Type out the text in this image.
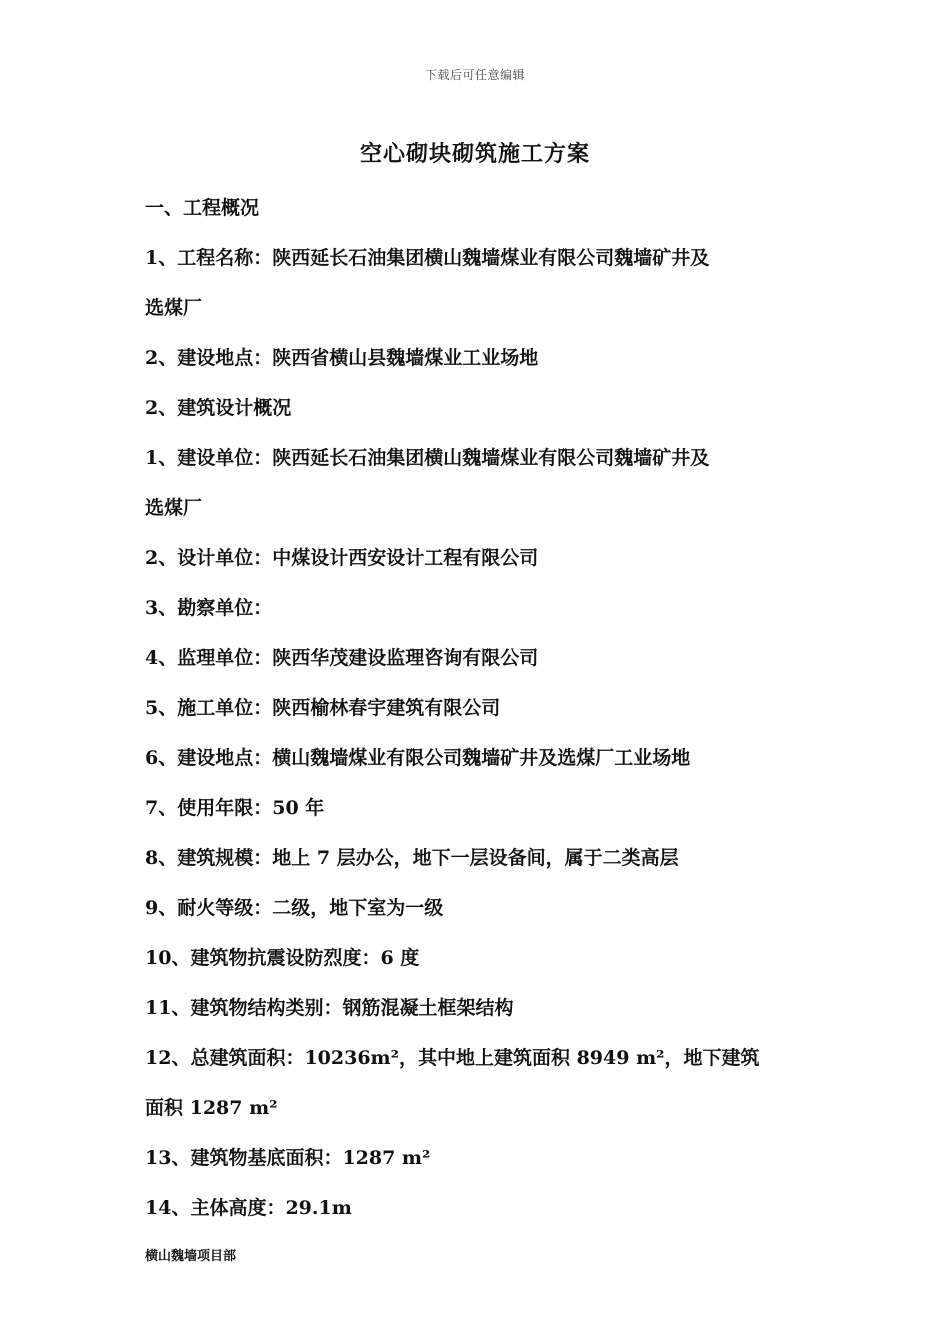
下载后可任意编辑
空心砌块砌筑施工方案
一、工程概况
1、工程名称：陕西延长石油集团横山魏墙煤业有限公司魏墙矿井及
选煤厂
2、建设地点：陕西省横山县魏墙煤业工业场地
2、建筑设计概况
1、建设单位：陕西延长石油集团横山魏墙煤业有限公司魏墙矿井及
选煤厂
2、设计单位：中煤设计西安设计工程有限公司
3、勘察单位：
4、监理单位：陕西华茂建设监理咨询有限公司
5、施工单位：陕西榆林春宇建筑有限公司
6、建设地点：横山魏墙煤业有限公司魏墙矿井及选煤厂工业场地
7、使用年限：50 年
8、建筑规模：地上 7 层办公，地下一层设备间，属于二类高层
9、耐火等级：二级，地下室为一级
10、建筑物抗震设防烈度：6 度
11、建筑物结构类别：钢筋混凝土框架结构
12、总建筑面积：10236m²，其中地上建筑面积 8949 m²，地下建筑
面积 1287 m²
13、建筑物基底面积：1287 m²
14、主体高度：29.1m
横山魏墙项目部
